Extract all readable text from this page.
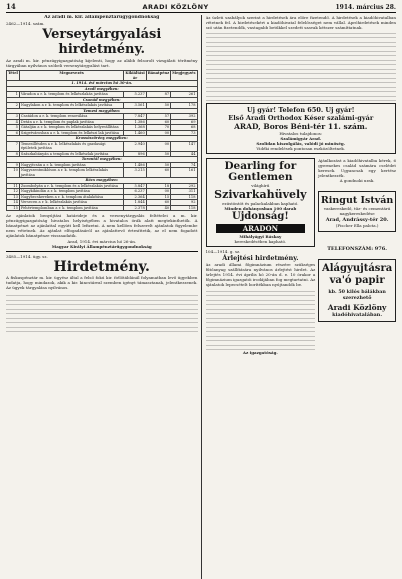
14	ARADI KÖZLÖNY	1914. március 28.
Az aradi m. kir. állampénztárügygondnokság
2462—1914. szám.
Verseytárgyalási hirdetmény.
Az aradi m. kir. pénzügyigazgatóság kijelenti, hogy az alább felsorolt vizsgálati térítmény tárgyában nyilvános szóbeli versenytárgyalást tart.
Tétel	Megnevezés	Kikiáltási ár	Bánatpénz	Megjegyzés
1. 1914. évi március hó 30-án.				
Aradi megyében:				
1	Váradon a r. k. templom és lelkészlakás javítása	5.237	87	261
Csanád megyében:				
2	Nagylakon a r. k. templom és lelkészlakás javítása	3.561	50	178
Temesi megyében:				
3	Csatádon a r. k. templom renoválása	7.847	57	392
4	Detán a r. k. templom és paplak javítása	1.386	60	69
5	Gátalján a r. k. templom és lelkészlakás helyreállítása	1.368	70	68
6	Szigetvárosban a r. k. templom és lelkészi lak javítása	1.460	00	73
Krassószörény megyében:				
7	Temesillésden a r. k. lelkészlakás és gazdasági épületek javítása	2.940	00	147
8	Szászkabányán a templom és lelkészlak javítása	896	50	44
Torontál megyében:				
9	Nagyjécsán a r. k. templom javítása	1.486	50	74
10	Nagyszentmiklóson a r. k. templom lelkészlakás javítása	3.215	60	161
Bács megyében:				
11	Zsombolyán a r. k. templom és a lelkészlakás javítása	5.847	18	292
12	Nagykikindán a r. k. templom javítása	6.237	00	311
13	Nagybecskereken a r. k. templom átalakítása	2.364	15	118
14	Versecen a r. k. lelkészlakás javítása	1.844	60	92
15	Fehértemplomban a r. k. templom javítása	2.378	40	118
Az ajánlatok benyújtási határideje és a versenytárgyalás feltételei a m. kir. pénzügyigazgatóság hivatalos helyiségében a hivatalos órák alatt megtekinthetők. A bánatpénzt az ajánlattal együtt kell lefizetni. A nem kellően felszerelt ajánlatok figyelembe nem vétetnek. Az ajánlat elfogadásáról az ajánlattevő értesíttetik, az el nem fogadott ajánlatok bánatpénze visszaadatik.
Arad, 1914. évi március hó 26-án.
Magyar Királyi Állampénztárügygondnokság
3485—1914. ügy. sz.
Hirdetmény.
A fiskuspénztár m. kir. ügyész által a felső fokú kir. ítélőtáblánál folyamatban levő ügyekben tudatja, hogy mindazok, akik a kir. kincstárral szemben igényt támasztanak, jelentkezzenek. Az ügyek tárgyalása nyilvános.
Az üzleti szabályok szerint a hirdetések ára előre fizetendő. A hirdetések a kiadóhivatalban vétetnek fel. A hirdetésekért a kiadóhivatal felelősséget nem vállal. Apróhirdetések minden szó után fizetendők, vastagabb betűkkel szedett szavak kétszer számíttatnak.
Uj gyár! Telefon 650. Uj gyár!
Első Aradi Orthodox Késer szalámi-gyár
ARAD, Boros Béni-tér 11. szám.
Hivatalos tulajdonos:
Szalámigyár Arad.
Szolidan kiszolgálás, valódi jó minőség.
Vidéki rendelések pontosan eszközöltetnek.
Dearling for
Gentlemen
világhírű
Szivarkahüvely
ezüstöntöt és palackalakban kapható.
Minden dohányosban 100 darab
Ujdonság!
ARADON
Mihályágyi Ráskay
kereskedésében kapható.
104—1914. g. sz.
Árlejtési hirdetmény.
Az aradi állami főgimnázium részére szükséges fűtőanyag szállítására nyilvános árlejtést hirdet. Az árlejtés 1914. évi április hó 20-án d. e. 10 órakor a főgimnázium igazgatói irodájában fog megtartatni. Az ajánlatok lepecsételt borítékban nyújtandók be.
Az igazgatóság.
Ajánlkozást a kiadóhivatalba kérek, 6 gyermekes család számára cselédet keresek. Ugyancsak egy kertész jelentkezzék.
A gondnoki urak.
Ringut István
vaskereskedő, tűz- és cementárú
nagykereskedése
Arad, Andrássy-tér 20.
(Fischer Ella palota.)
TELEFONSZÁM: 976.
Alágyujtásra
va'ó papir
kb. 50 kilós bálákban szerezhető
Aradi Közlöny
kiadóhivatalában.
